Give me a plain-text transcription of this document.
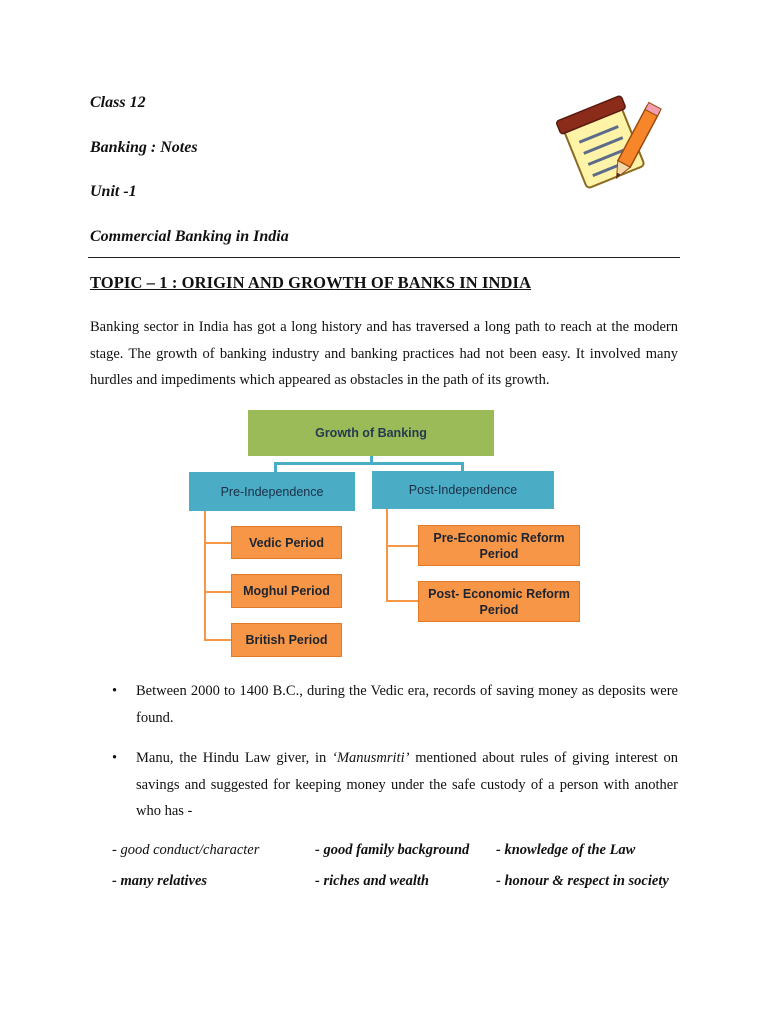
Class 12

Banking : Notes

Unit -1

Commercial Banking in India

TOPIC – 1 : ORIGIN AND GROWTH OF BANKS IN INDIA

Banking sector in India has got a long history and has traversed a long path to reach at the modern stage. The growth of banking industry and banking practices had not been easy. It involved many hurdles and impediments which appeared as obstacles in the path of its growth.

Growth of Banking
Pre-Independence	Post-Independence
Vedic Period
Moghul Period
British Period
Pre-Economic Reform Period
Post- Economic Reform Period
• Between 2000 to 1400 B.C., during the Vedic era, records of saving money as deposits were found.
• Manu, the Hindu Law giver, in ‘Manusmriti’ mentioned about rules of giving interest on savings and suggested for keeping money under the safe custody of a person with another who has -
- good conduct/character	- good family background - knowledge of the Law
- many relatives	- riches and wealth	- honour & respect in society
